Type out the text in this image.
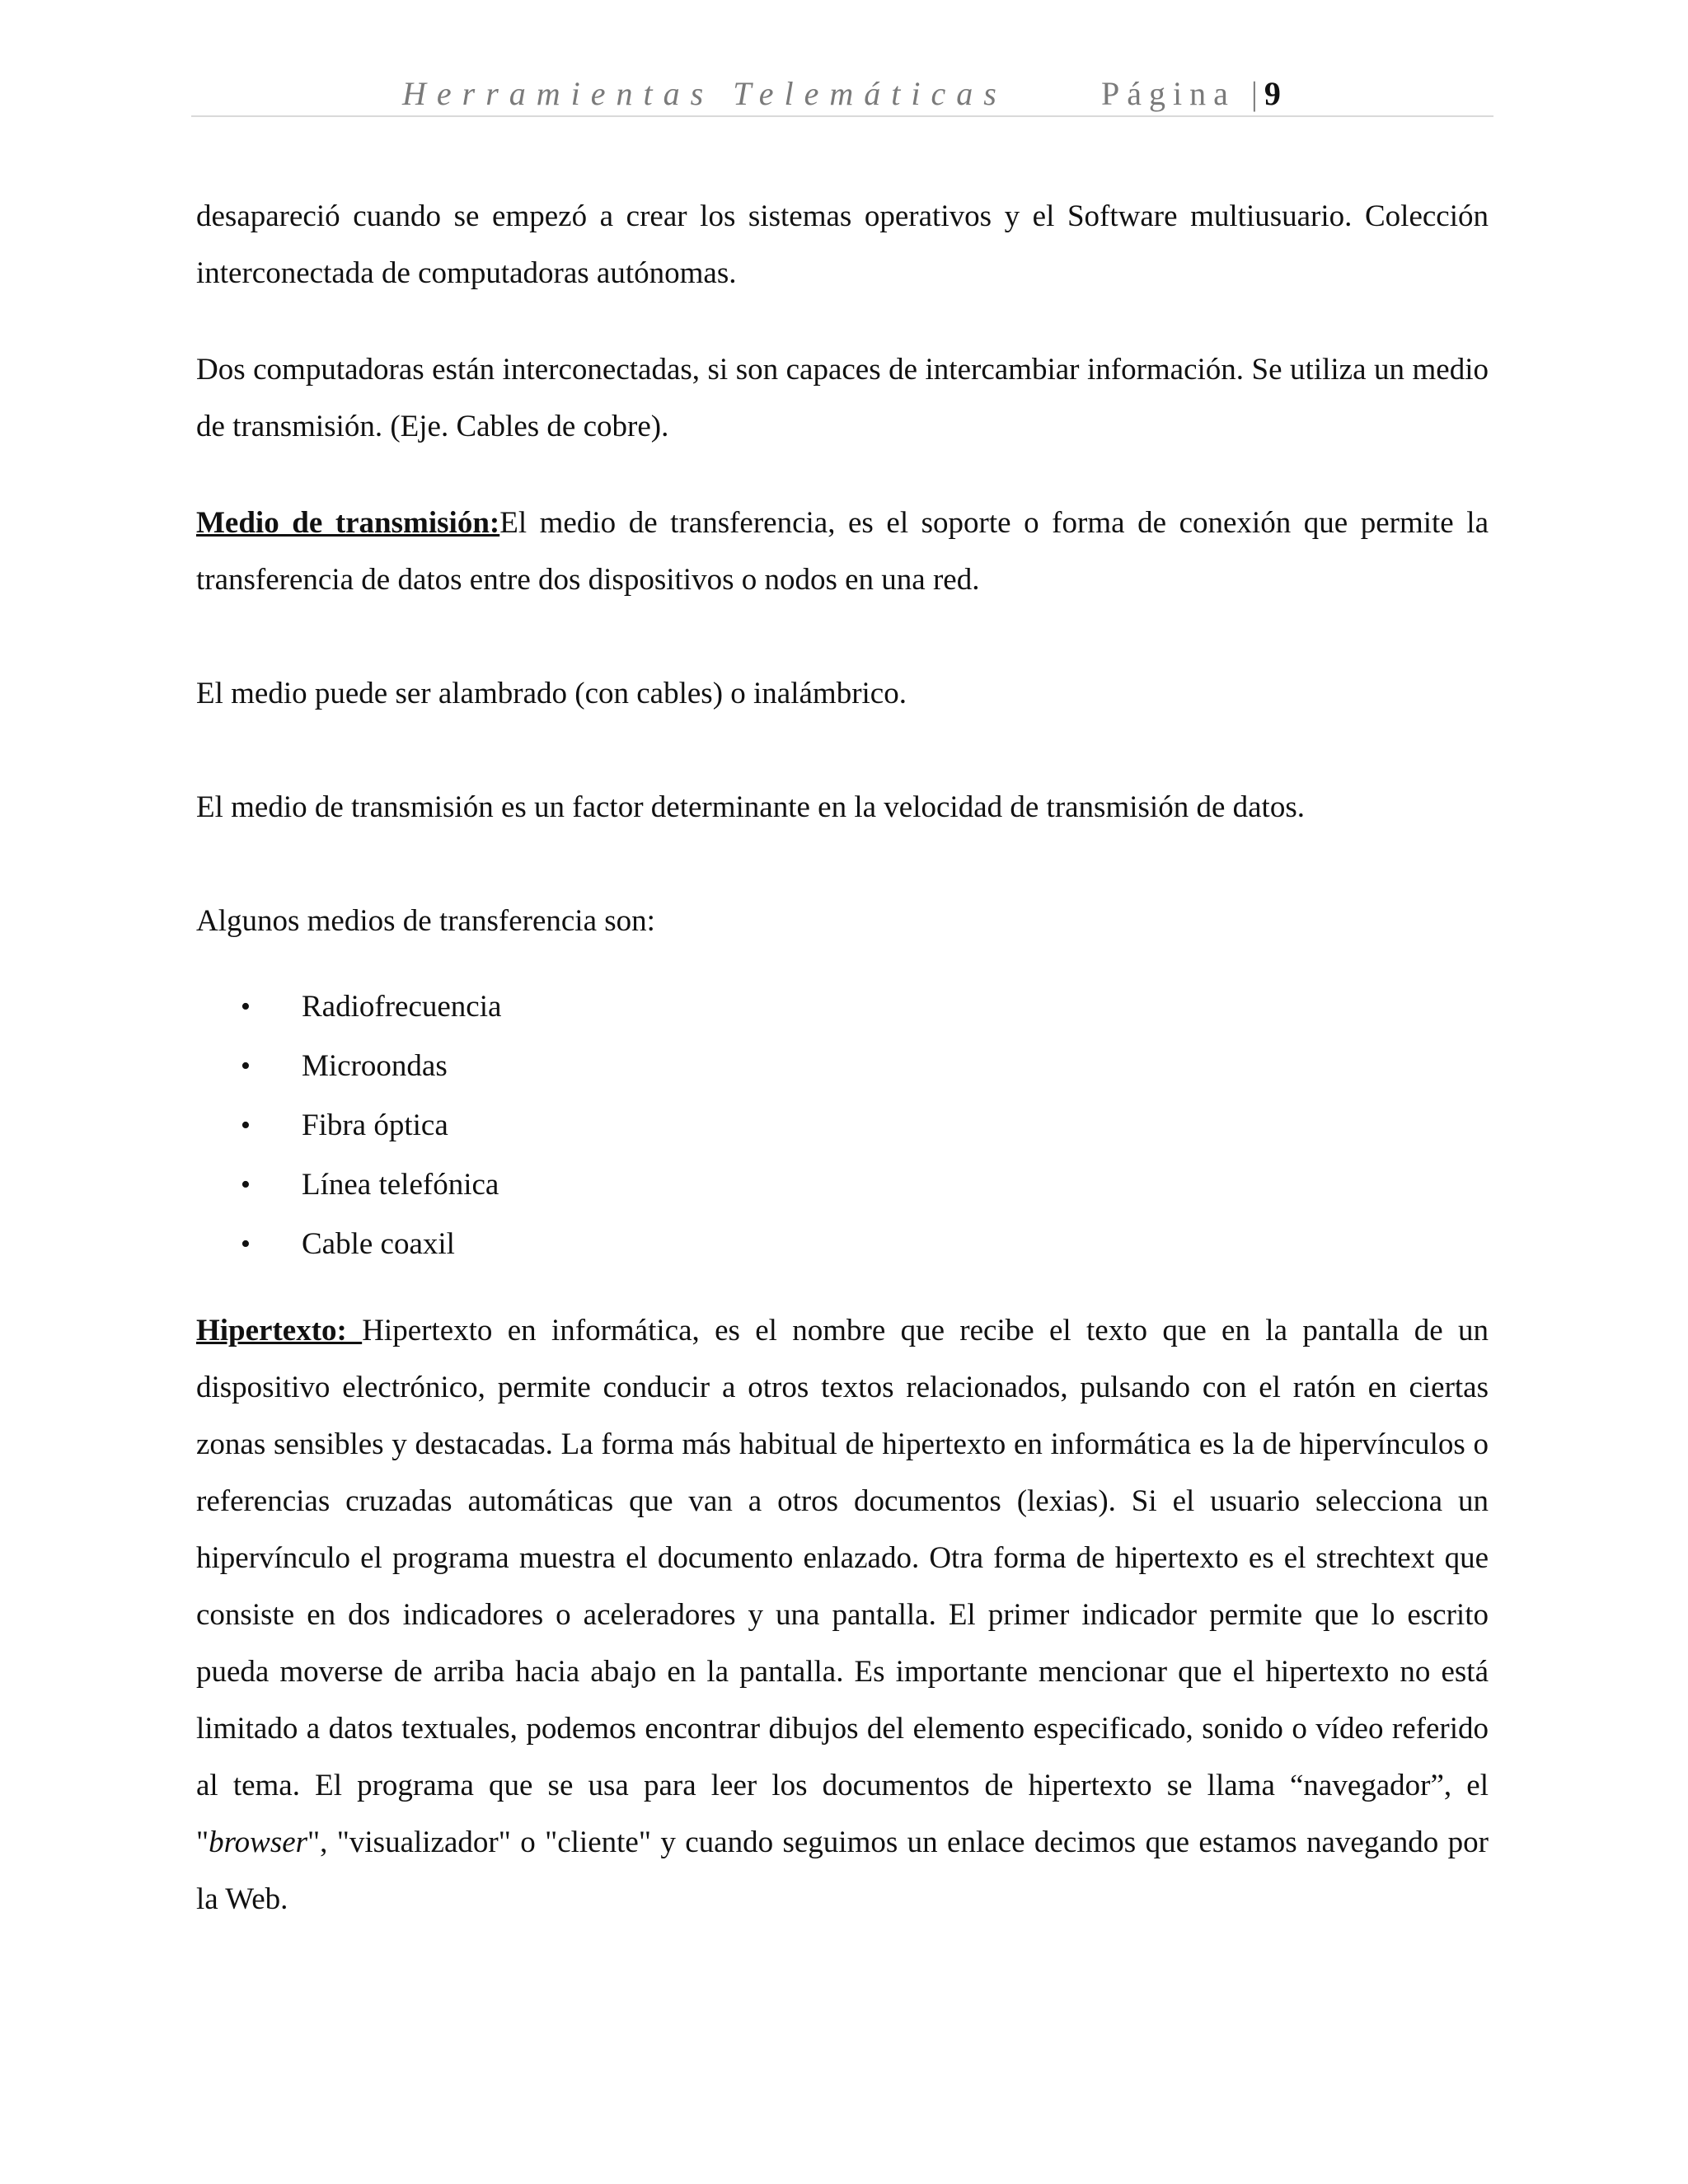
Herramientas Telemáticas	Página |9

desapareció cuando se empezó a crear los sistemas operativos y el Software multiusuario. Colección interconectada de computadoras autónomas.

Dos computadoras están interconectadas, si son capaces de intercambiar información. Se utiliza un medio de transmisión. (Eje. Cables de cobre).

Medio de transmisión:El medio de transferencia, es el soporte o forma de conexión que permite la transferencia de datos entre dos dispositivos o nodos en una red.

El medio puede ser alambrado (con cables) o inalámbrico.

El medio de transmisión es un factor determinante en la velocidad de transmisión de datos.

Algunos medios de transferencia son:

• Radiofrecuencia
• Microondas
• Fibra óptica
• Línea telefónica
• Cable coaxil

Hipertexto: Hipertexto en informática, es el nombre que recibe el texto que en la pantalla de un dispositivo electrónico, permite conducir a otros textos relacionados, pulsando con el ratón en ciertas zonas sensibles y destacadas. La forma más habitual de hipertexto en informática es la de hipervínculos o referencias cruzadas automáticas que van a otros documentos (lexias). Si el usuario selecciona un hipervínculo el programa muestra el documento enlazado. Otra forma de hipertexto es el strechtext que consiste en dos indicadores o aceleradores y una pantalla. El primer indicador permite que lo escrito pueda moverse de arriba hacia abajo en la pantalla. Es importante mencionar que el hipertexto no está limitado a datos textuales, podemos encontrar dibujos del elemento especificado, sonido o vídeo referido al tema. El programa que se usa para leer los documentos de hipertexto se llama “navegador”, el "browser", "visualizador" o "cliente" y cuando seguimos un enlace decimos que estamos navegando por la Web.
